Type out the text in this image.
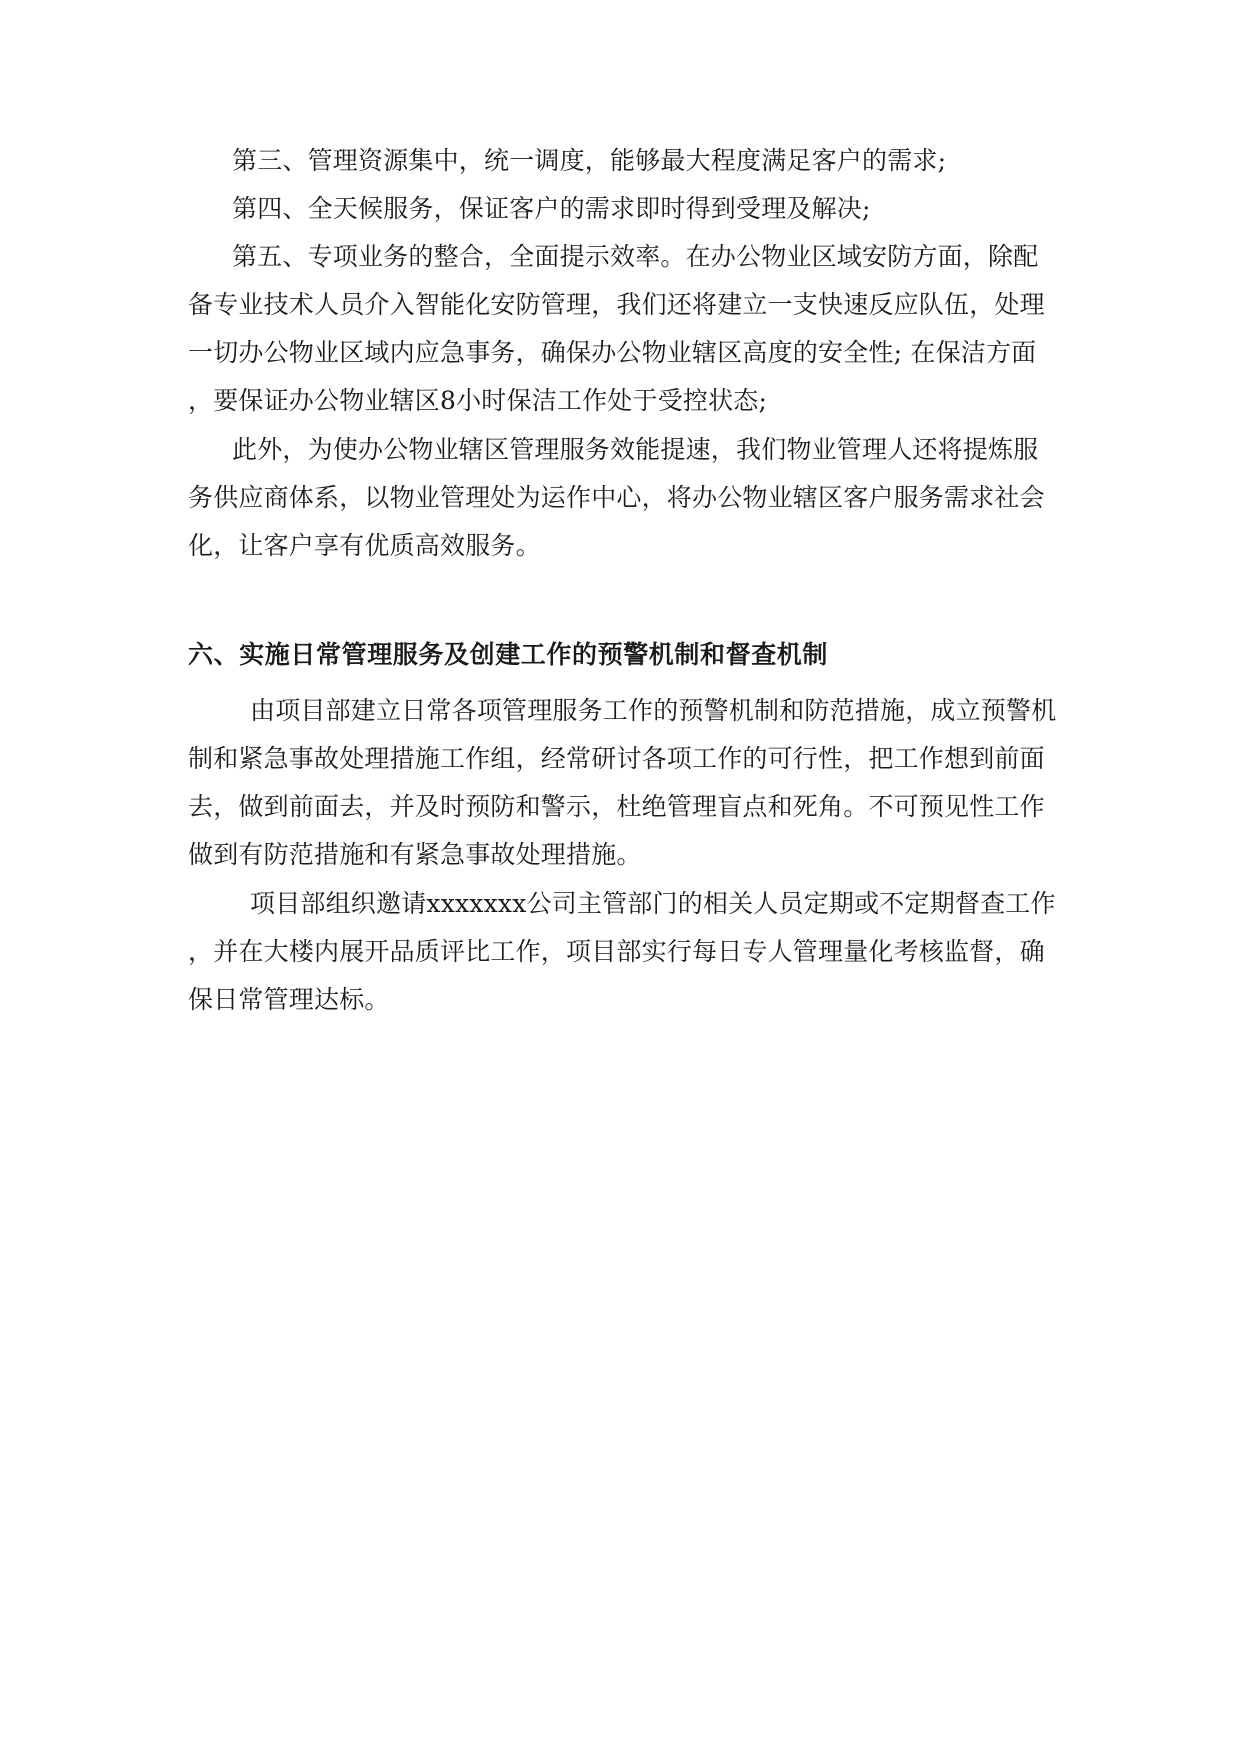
第三、管理资源集中，统一调度，能够最大程度满足客户的需求;
第四、全天候服务，保证客户的需求即时得到受理及解决;
第五、专项业务的整合，全面提示效率。在办公物业区域安防方面，除配
备专业技术人员介入智能化安防管理，我们还将建立一支快速反应队伍，处理
一切办公物业区域内应急事务，确保办公物业辖区高度的安全性; 在保洁方面
，要保证办公物业辖区8小时保洁工作处于受控状态;
此外，为使办公物业辖区管理服务效能提速，我们物业管理人还将提炼服
务供应商体系，以物业管理处为运作中心，将办公物业辖区客户服务需求社会
化，让客户享有优质高效服务。
六、实施日常管理服务及创建工作的预警机制和督查机制
由项目部建立日常各项管理服务工作的预警机制和防范措施，成立预警机
制和紧急事故处理措施工作组，经常研讨各项工作的可行性，把工作想到前面
去，做到前面去，并及时预防和警示，杜绝管理盲点和死角。不可预见性工作
做到有防范措施和有紧急事故处理措施。
项目部组织邀请xxxxxxx公司主管部门的相关人员定期或不定期督查工作
，并在大楼内展开品质评比工作，项目部实行每日专人管理量化考核监督，确
保日常管理达标。
